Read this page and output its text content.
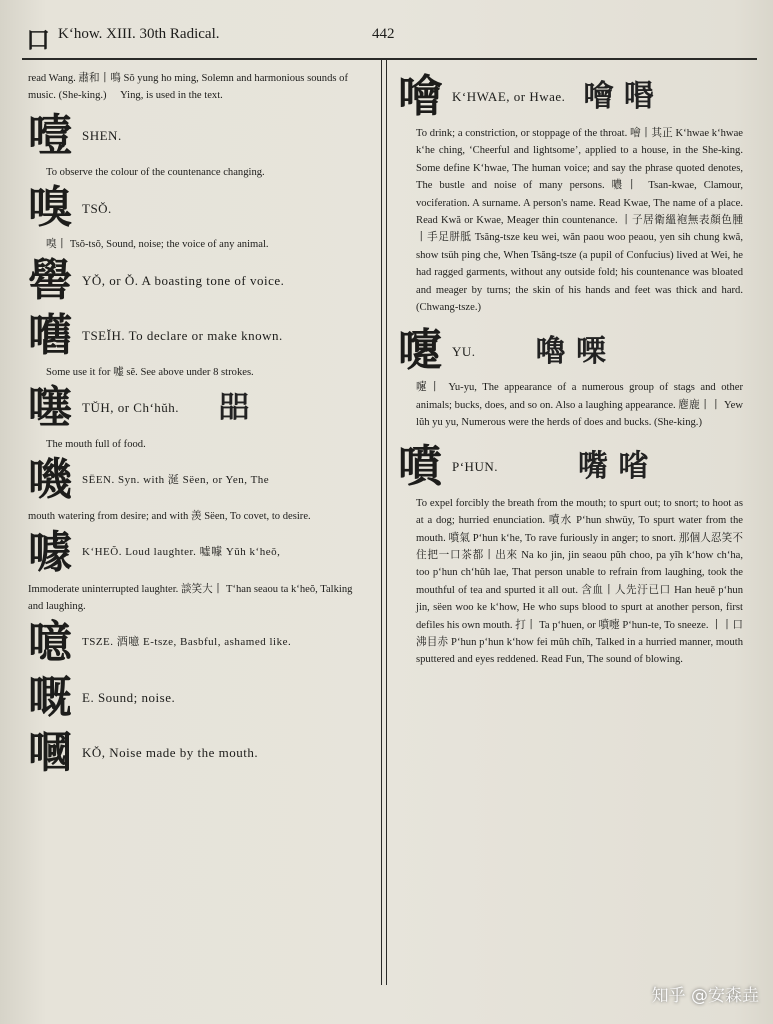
口 K‘how. XIII. 30th Radical.	442

read Wang. 肅和丨鳴 Sŏ yung ho ming, Solemn and harmonious sounds of music. (She-king.) 𠾎 Ying, is used in the text.

噎 SHEN.

To observe the colour of the countenance changing.

嗅 TSŎ.

嗅丨 Tsŏ-tsŏ, Sound, noise; the voice of any animal.

嚳 YŎ, or Ŏ. A boasting tone of voice.
嚿 TSEĬH. To declare or make known.

Some use it for 嘘 sĕ. See above under 8 strokes.

噻 TŬH, or Ch‘hŭh. 㗊

The mouth full of food.

嘰 SËEN. Syn. with 涎 Sëen, or Yen, The

mouth watering from desire; and with 羡 Sëen, To covet, to desire.

噱 K‘HEŎ. Loud laughter. 噓噱 Yŭh k‘heŏ,

Immoderate uninterrupted laughter. 談笑大丨 T‘han seaou ta k‘heŏ, Talking and laughing.

噫 TSZE. 酒噫 E-tsze, Basbful, ashamed like.
嘅 E. Sound; noise.
嘓 KŎ, Noise made by the mouth.
噲 K‘HWAE, or Hwae. 噲 㗃

To drink; a constriction, or stoppage of the throat. 噲丨其正 K‘hwae k‘hwae k‘he ching, ‘Cheerful and lightsome’, applied to a house, in the She-king. Some define K‘hwae, The human voice; and say the phrase quoted denotes, The bustle and noise of many persons. 噥丨 Tsan-kwae, Clamour, vociferation. A surname. A person's name. Read Kwae, The name of a place. Read Kwă or Kwae, Meager thin countenance. 丨子居衛縕袍無表顏色腫丨手足胼胝 Tsăng-tsze keu wei, wăn paou woo peaou, yen sih chung kwă, show tsüh ping che, When Tsăng-tsze (a pupil of Confucius) lived at Wei, he had ragged garments, without any outside fold; his countenance was bloated and meager by turns; the skin of his hands and feet was thick and hard. (Chwang-tsze.)

嚔 YU. 嚕 㗚

嚔丨 Yu-yu, The appearance of a numerous group of stags and other animals; bucks, does, and so on. Also a laughing appearance. 麀鹿丨丨 Yew lŭh yu yu, Numerous were the herds of does and bucks. (She-king.)

噴 P‘HUN.	嘴 㗂

To expel forcibly the breath from the mouth; to spurt out; to snort; to hoot as at a dog; hurried enunciation. 噴水 P‘hun shwüy, To spurt water from the mouth. 噴氣 P‘hun k‘he, To rave furiously in anger; to snort. 那個人忍笑不住把一口茶都丨出來 Na ko jin, jin seaou pŭh choo, pa yĭh k‘how ch‘ha, too p‘hun ch‘hŭh lae, That person unable to refrain from laughing, took the mouthful of tea and spurted it all out. 含血丨人先汙已口 Han heuě p‘hun jin, sëen woo ke k‘how, He who sups blood to spurt at another person, first defiles his own mouth. 打丨 Ta p‘huen, or 噴嚏 P‘hun-te, To sneeze. 丨丨口沸目赤 P‘hun p‘hun k‘how fei mŭh chĭh, Talked in a hurried manner, mouth sputtered and eyes reddened. Read Fun, The sound of blowing.

知乎 @安森垚
